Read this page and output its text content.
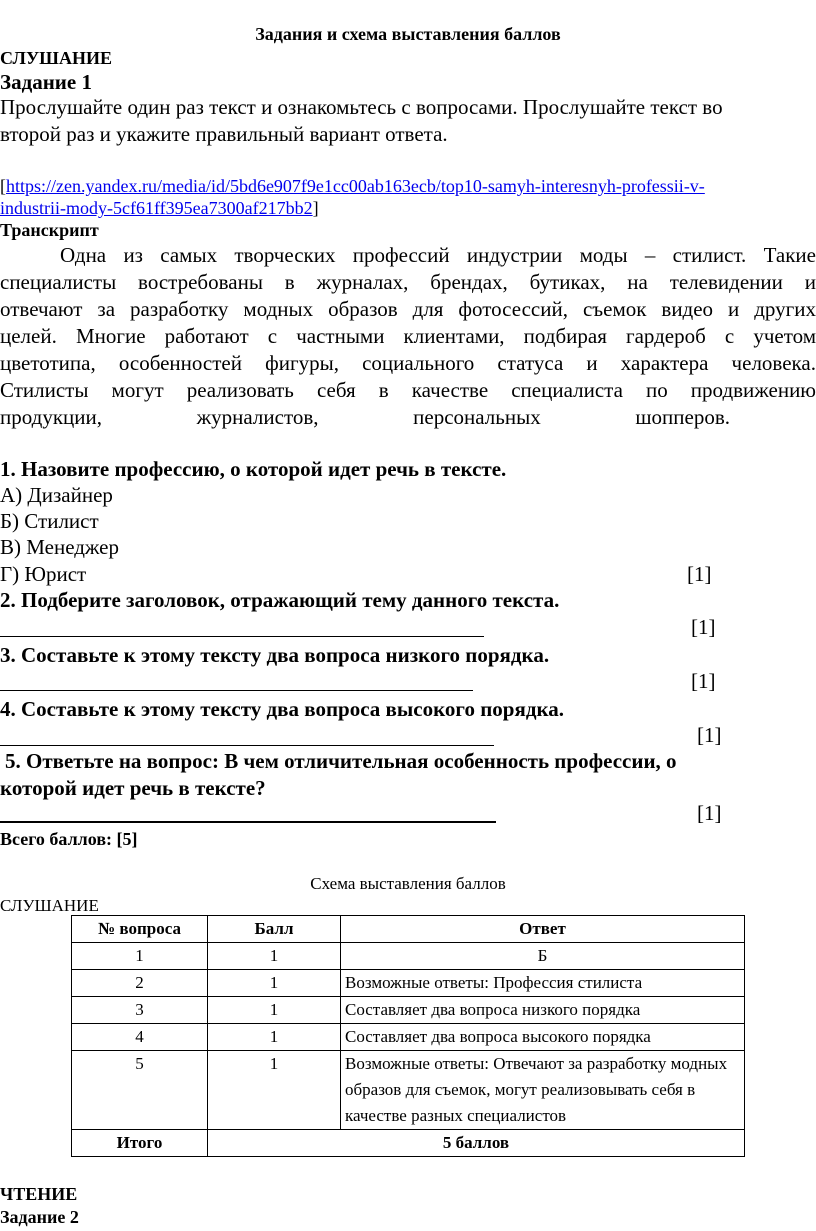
Задания и схема выставления баллов
СЛУШАНИЕ
Задание 1
Прослушайте один раз текст и ознакомьтесь с вопросами. Прослушайте текст во
второй раз и укажите правильный вариант ответа.
[https://zen.yandex.ru/media/id/5bd6e907f9e1cc00ab163ecb/top10-samyh-interesnyh-professii-v-
industrii-mody-5cf61ff395ea7300af217bb2]
Транскрипт
Одна из самых творческих профессий индустрии моды – стилист. Такие
специалисты востребованы в журналах, брендах, бутиках, на телевидении и
отвечают за разработку модных образов для фотосессий, съемок видео и других
целей. Многие работают с частными клиентами, подбирая гардероб с учетом
цветотипа, особенностей фигуры, социального статуса и характера человека.
Стилисты могут реализовать себя в качестве специалиста по продвижению
продукции, журналистов, персональных шопперов.
1. Назовите профессию, о которой идет речь в тексте.
А) Дизайнер
Б) Стилист
В) Менеджер
Г) Юрист	[1]
2. Подберите заголовок, отражающий тему данного текста.
[1]
3. Составьте к этому тексту два вопроса низкого порядка.
[1]
4. Составьте к этому тексту два вопроса высокого порядка.
[1]
5. Ответьте на вопрос: В чем отличительная особенность профессии, о
которой идет речь в тексте?
[1]
Всего баллов: [5]
Схема выставления баллов
СЛУШАНИЕ
№ вопроса	Балл	Ответ
1	1	Б
2	1	Возможные ответы: Профессия стилиста
3	1	Составляет два вопроса низкого порядка
4	1	Составляет два вопроса высокого порядка
5	1	Возможные ответы: Отвечают за разработку модных образов для съемок, могут реализовывать себя в качестве разных специалистов
Итого	5 баллов	
ЧТЕНИЕ
Задание 2
